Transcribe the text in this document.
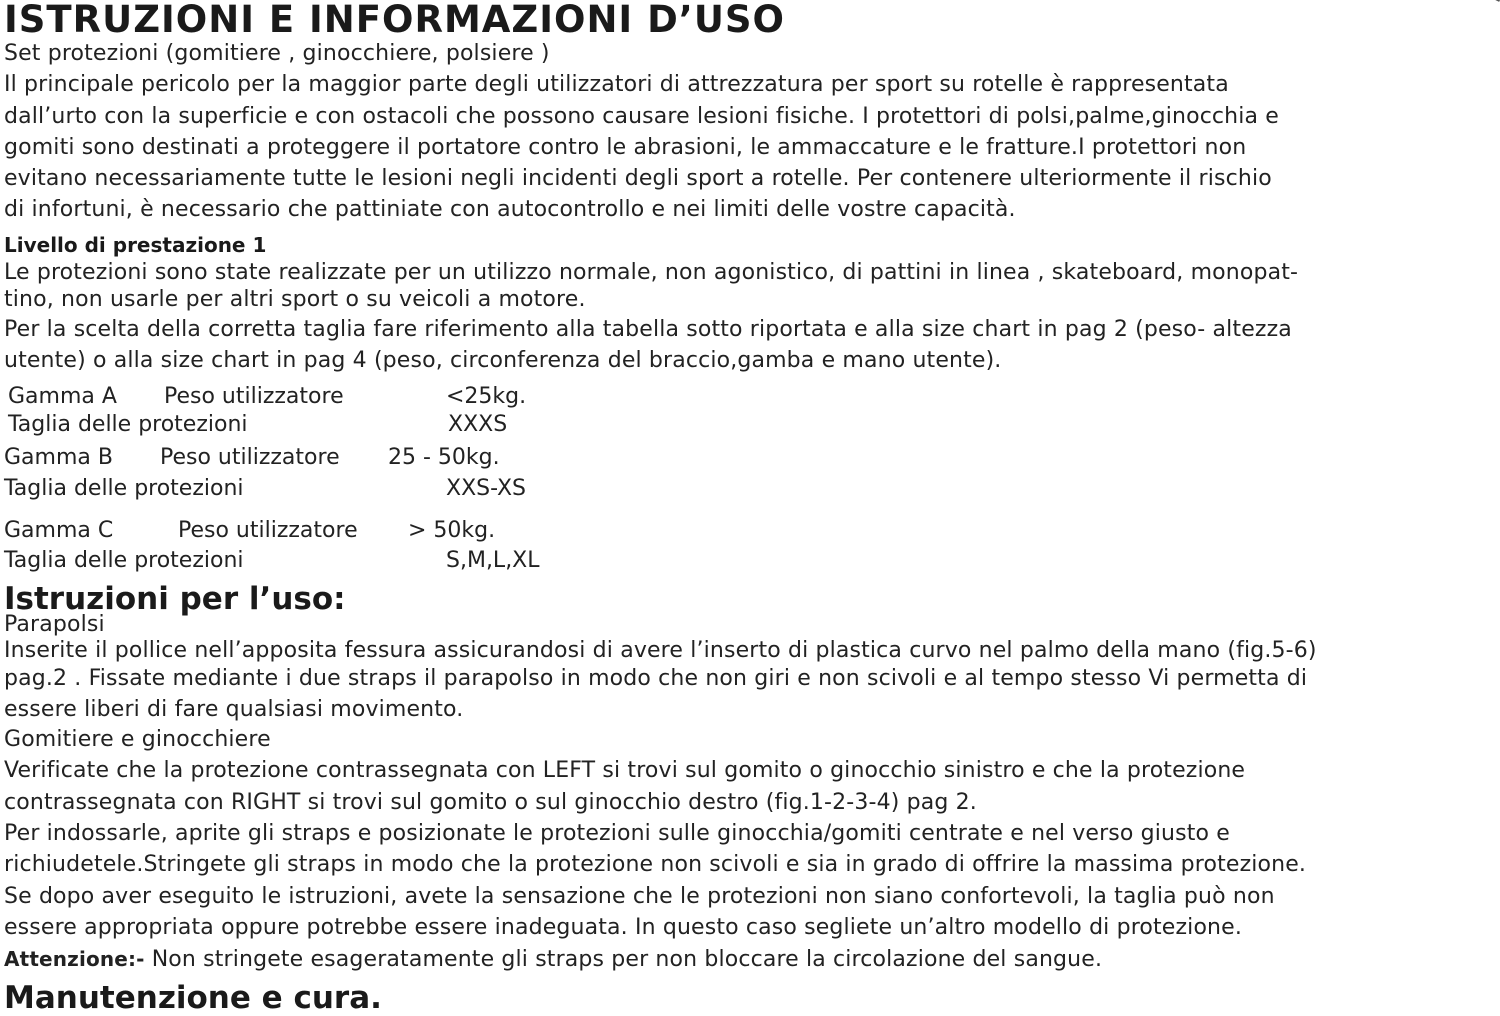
ISTRUZIONI E INFORMAZIONI D’USO

Set protezioni (gomitiere , ginocchiere, polsiere )

Il principale pericolo per la maggior parte degli utilizzatori di attrezzatura per sport su rotelle è rappresentata

dall’urto con la superficie e con ostacoli che possono causare lesioni fisiche. I protettori di polsi,palme,ginocchia e

gomiti sono destinati a proteggere il portatore contro le abrasioni, le ammaccature e le fratture.I protettori non

evitano necessariamente tutte le lesioni negli incidenti degli sport a rotelle. Per contenere ulteriormente il rischio

di infortuni, è necessario che pattiniate con autocontrollo e nei limiti delle vostre capacità.

Livello di prestazione 1

Le protezioni sono state realizzate per un utilizzo normale, non agonistico, di pattini in linea , skateboard, monopat-

tino, non usarle per altri sport o su veicoli a motore.

Per la scelta della corretta taglia fare riferimento alla tabella sotto riportata e alla size chart in pag 2 (peso- altezza

utente) o alla size chart in pag 4 (peso, circonferenza del braccio,gamba e mano utente).

Gamma A Peso utilizzatore	<25kg.
Taglia delle protezioni	XXXS
Gamma B Peso utilizzatore 25 - 50kg.
Taglia delle protezioni	XXS-XS
Gamma C	Peso utilizzatore > 50kg.
Taglia delle protezioni	S,M,L,XL
Istruzioni per l’uso:

Parapolsi

Inserite il pollice nell’apposita fessura assicurandosi di avere l’inserto di plastica curvo nel palmo della mano (fig.5-6)

pag.2 . Fissate mediante i due straps il parapolso in modo che non giri e non scivoli e al tempo stesso Vi permetta di

essere liberi di fare qualsiasi movimento.

Gomitiere e ginocchiere

Verificate che la protezione contrassegnata con LEFT si trovi sul gomito o ginocchio sinistro e che la protezione

contrassegnata con RIGHT si trovi sul gomito o sul ginocchio destro (fig.1-2-3-4) pag 2.

Per indossarle, aprite gli straps e posizionate le protezioni sulle ginocchia/gomiti centrate e nel verso giusto e

richiudetele.Stringete gli straps in modo che la protezione non scivoli e sia in grado di offrire la massima protezione.

Se dopo aver eseguito le istruzioni, avete la sensazione che le protezioni non siano confortevoli, la taglia può non

essere appropriata oppure potrebbe essere inadeguata. In questo caso segliete un’altro modello di protezione.

Attenzione:- Non stringete esageratamente gli straps per non bloccare la circolazione del sangue.

Manutenzione e cura.
